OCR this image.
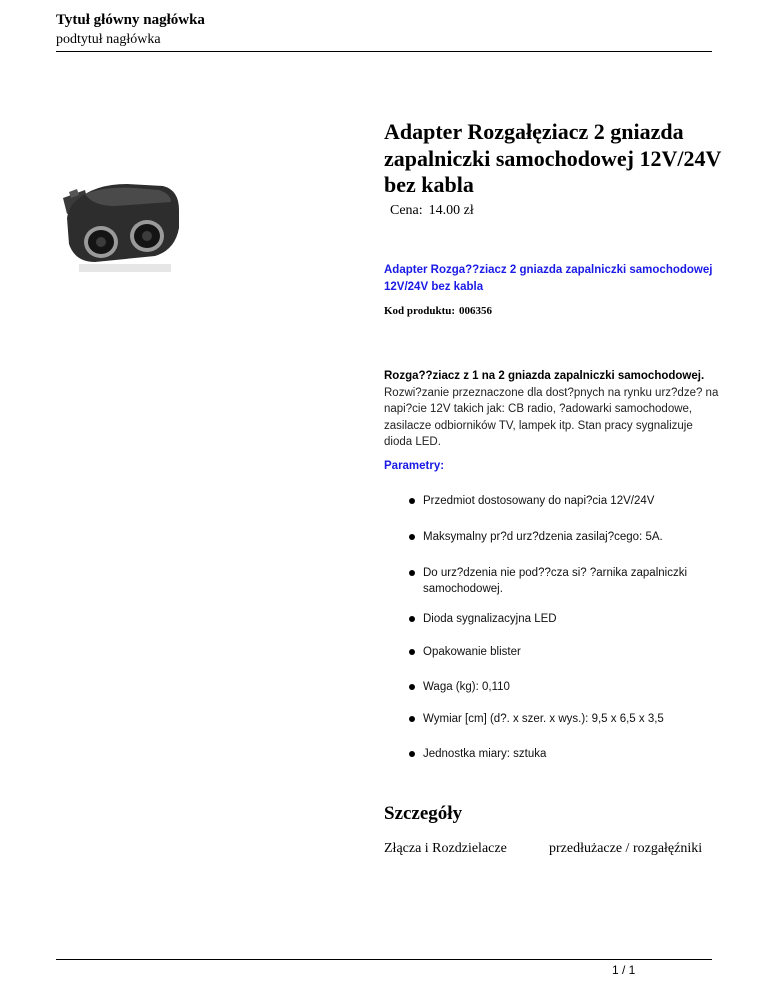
Tytuł główny nagłówka
podtytuł nagłówka
Adapter Rozgałęziacz 2 gniazda zapalniczki samochodowej 12V/24V bez kabla
Cena: 14.00 zł
Adapter Rozga??ziacz 2 gniazda zapalniczki samochodowej 12V/24V bez kabla
Kod produktu: 006356
Rozga??ziacz z 1 na 2 gniazda zapalniczki samochodowej. Rozwi?zanie przeznaczone dla dost?pnych na rynku urz?dze? na napi?cie 12V takich jak: CB radio, ?adowarki samochodowe, zasilacze odbiorników TV, lampek itp. Stan pracy sygnalizuje dioda LED.
Parametry:
Przedmiot dostosowany do napi?cia 12V/24V
Maksymalny pr?d urz?dzenia zasilaj?cego: 5A.
Do urz?dzenia nie pod??cza si? ?arnika zapalniczki samochodowej.
Dioda sygnalizacyjna LED
Opakowanie blister
Waga (kg): 0,110
Wymiar [cm] (d?. x szer. x wys.): 9,5 x 6,5 x 3,5
Jednostka miary: sztuka
Szczegóły
Złącza i Rozdzielacze	przedłużacze / rozgałęźniki
1 / 1
